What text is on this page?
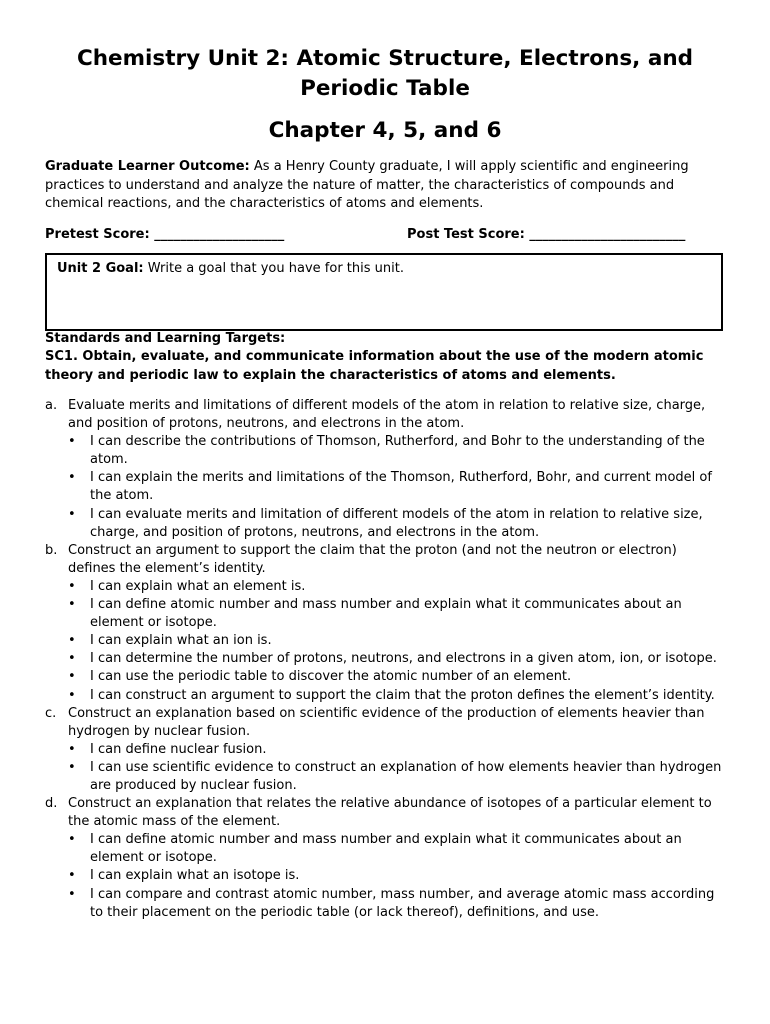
Chemistry Unit 2: Atomic Structure, Electrons, and Periodic Table
Chapter 4, 5, and 6

Graduate Learner Outcome: As a Henry County graduate, I will apply scientific and engineering practices to understand and analyze the nature of matter, the characteristics of compounds and chemical reactions, and the characteristics of atoms and elements.

Pretest Score: ____________________	Post Test Score: ________________________
Unit 2 Goal: Write a goal that you have for this unit.
Standards and Learning Targets:
SC1. Obtain, evaluate, and communicate information about the use of the modern atomic theory and periodic law to explain the characteristics of atoms and elements.
a. Evaluate merits and limitations of different models of the atom in relation to relative size, charge, and position of protons, neutrons, and electrons in the atom.
•	I can describe the contributions of Thomson, Rutherford, and Bohr to the understanding of the atom.
•	I can explain the merits and limitations of the Thomson, Rutherford, Bohr, and current model of the atom.
•	I can evaluate merits and limitation of different models of the atom in relation to relative size, charge, and position of protons, neutrons, and electrons in the atom.
b. Construct an argument to support the claim that the proton (and not the neutron or electron) defines the element’s identity.
•	I can explain what an element is.
•	I can define atomic number and mass number and explain what it communicates about an element or isotope.
•	I can explain what an ion is.
•	I can determine the number of protons, neutrons, and electrons in a given atom, ion, or isotope.
•	I can use the periodic table to discover the atomic number of an element.
•	I can construct an argument to support the claim that the proton defines the element’s identity.
c. Construct an explanation based on scientific evidence of the production of elements heavier than hydrogen by nuclear fusion.
•	I can define nuclear fusion.
•	I can use scientific evidence to construct an explanation of how elements heavier than hydrogen are produced by nuclear fusion.
d. Construct an explanation that relates the relative abundance of isotopes of a particular element to the atomic mass of the element.
•	I can define atomic number and mass number and explain what it communicates about an element or isotope.
•	I can explain what an isotope is.
•	I can compare and contrast atomic number, mass number, and average atomic mass according to their placement on the periodic table (or lack thereof), definitions, and use.
